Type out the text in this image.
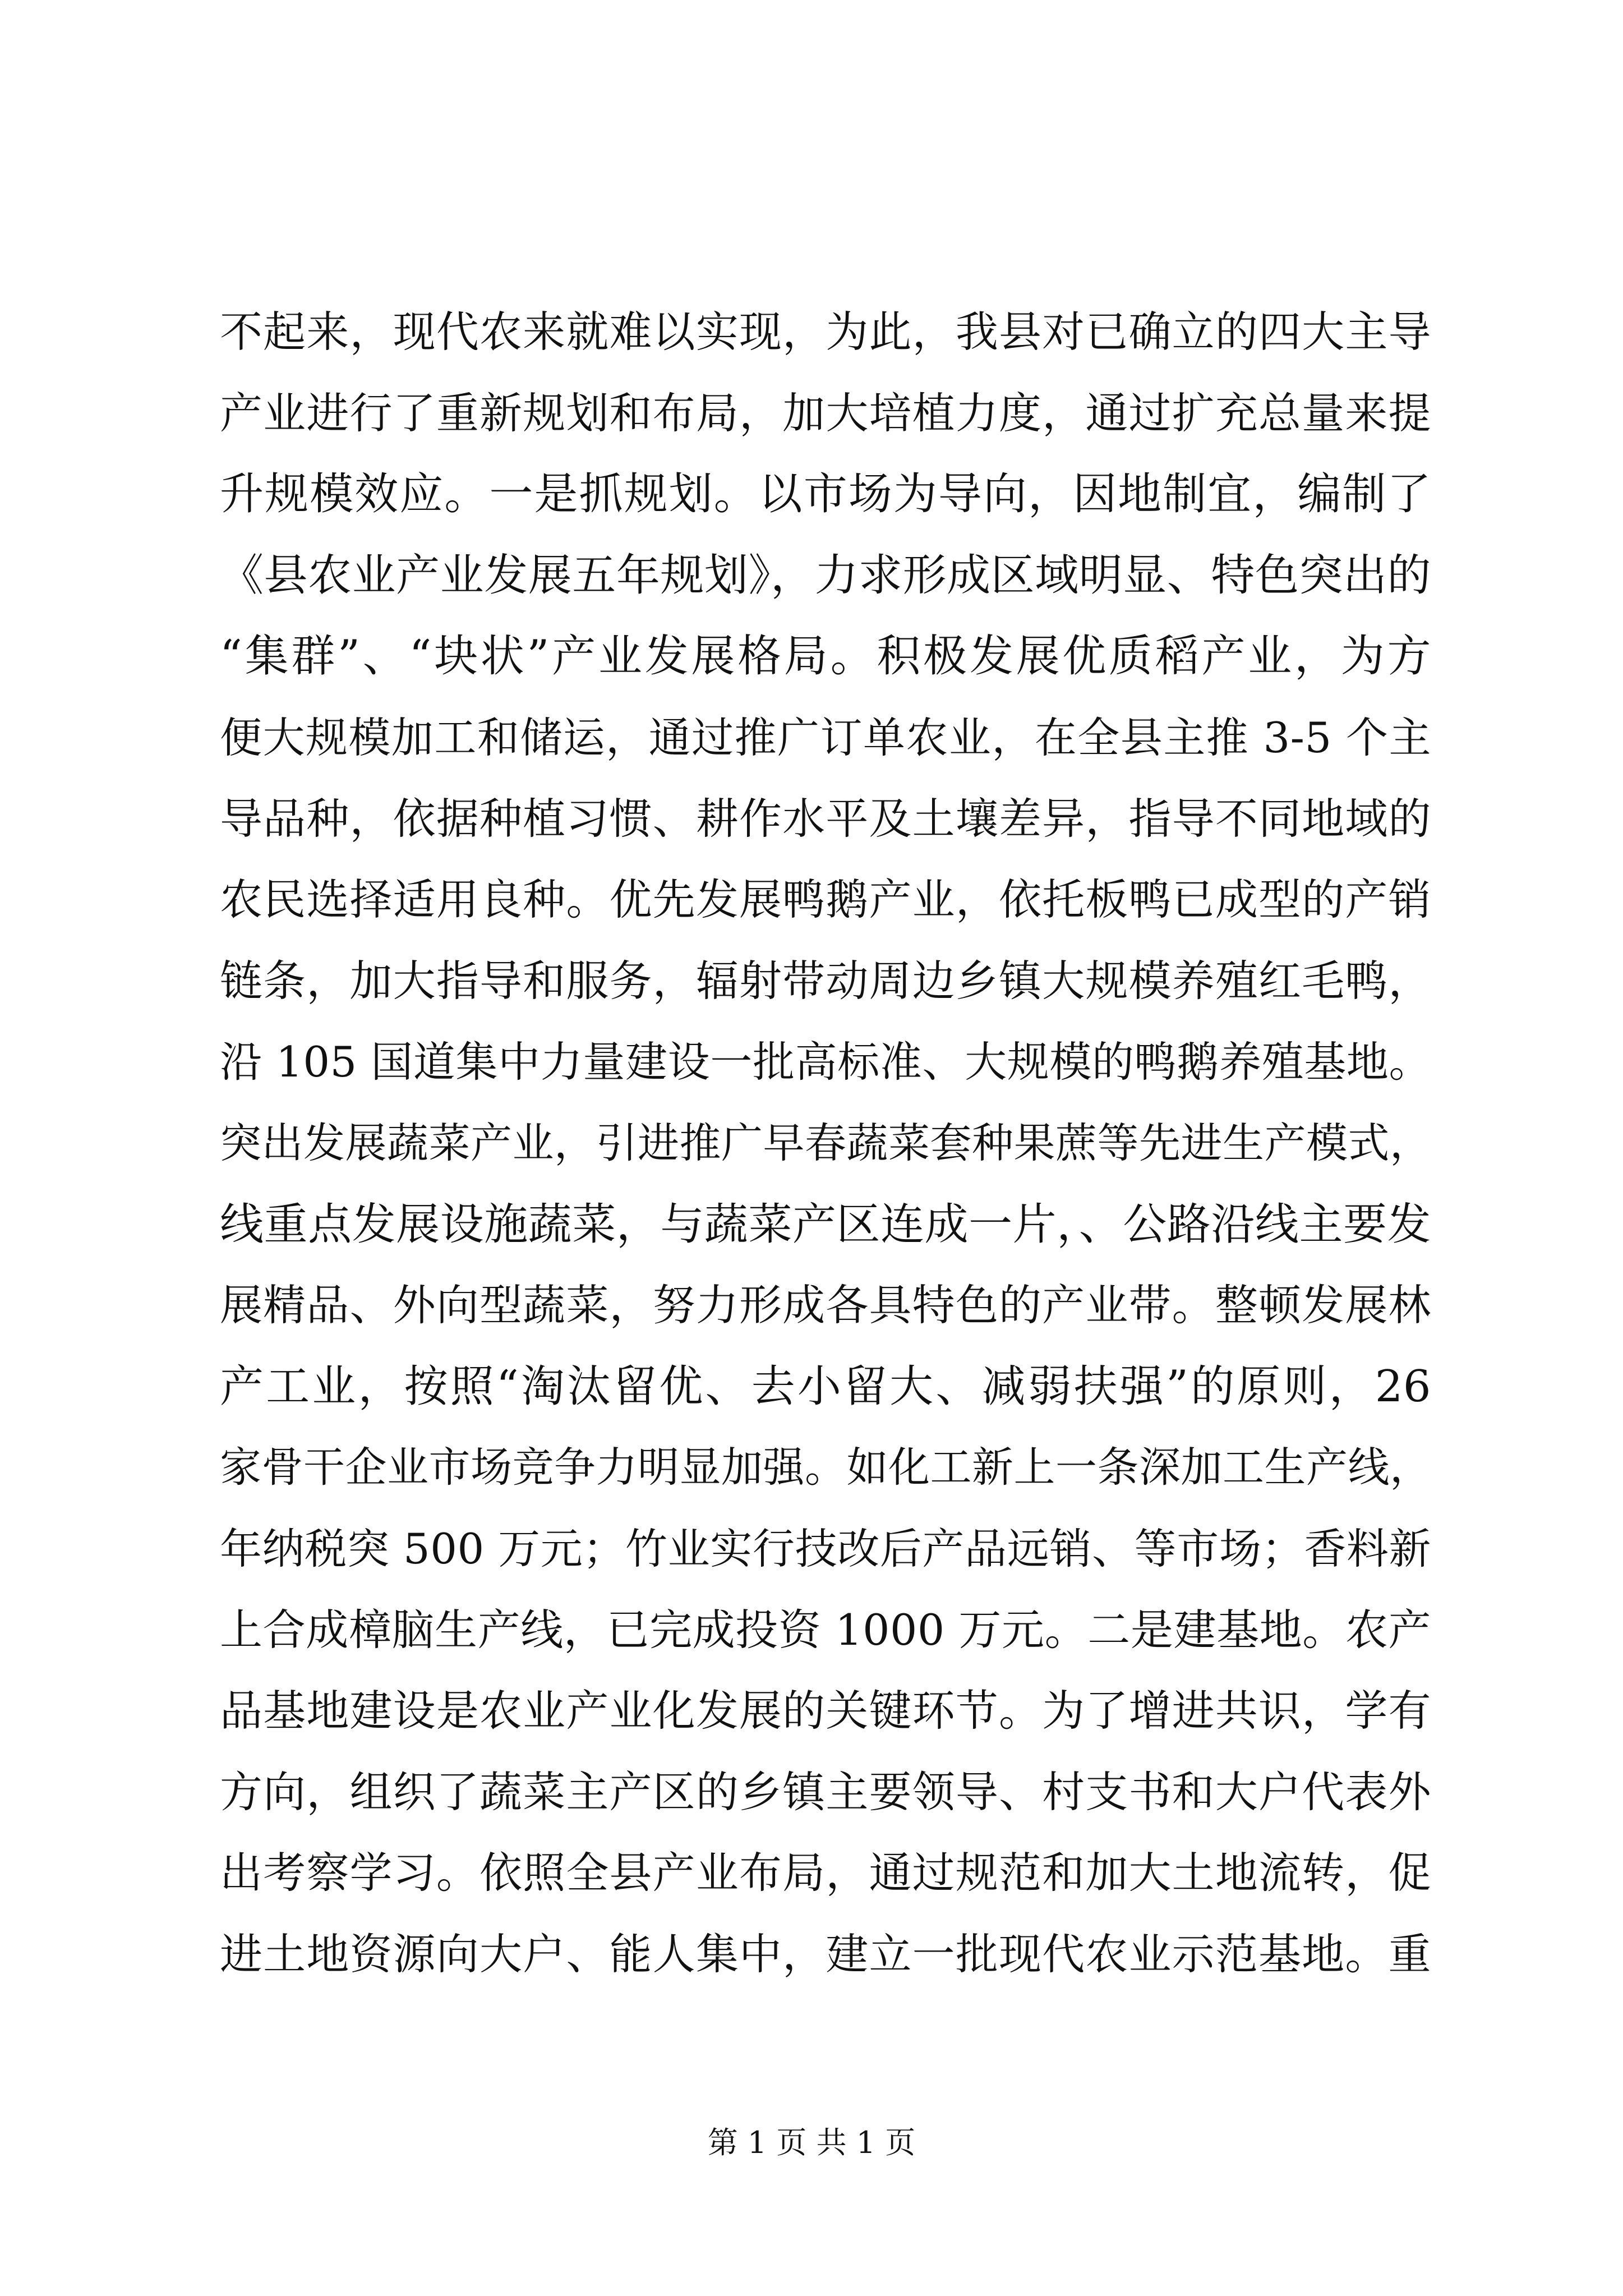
不起来，现代农来就难以实现，为此，我县对已确立的四大主导
产业进行了重新规划和布局，加大培植力度，通过扩充总量来提
升规模效应。一是抓规划。以市场为导向，因地制宜，编制了
《县农业产业发展五年规划》，力求形成区域明显、特色突出的
“集群”、“块状”产业发展格局。积极发展优质稻产业，为方
便大规模加工和储运，通过推广订单农业，在全县主推 3-5 个主
导品种，依据种植习惯、耕作水平及土壤差异，指导不同地域的
农民选择适用良种。优先发展鸭鹅产业，依托板鸭已成型的产销
链条，加大指导和服务，辐射带动周边乡镇大规模养殖红毛鸭，
沿 105 国道集中力量建设一批高标准、大规模的鸭鹅养殖基地。
突出发展蔬菜产业，引进推广早春蔬菜套种果蔗等先进生产模式，
线重点发展设施蔬菜，与蔬菜产区连成一片，、公路沿线主要发
展精品、外向型蔬菜，努力形成各具特色的产业带。整顿发展林
产工业，按照“淘汰留优、去小留大、减弱扶强”的原则，26
家骨干企业市场竞争力明显加强。如化工新上一条深加工生产线，
年纳税突 500 万元；竹业实行技改后产品远销、等市场；香料新
上合成樟脑生产线，已完成投资 1000 万元。二是建基地。农产
品基地建设是农业产业化发展的关键环节。为了增进共识，学有
方向，组织了蔬菜主产区的乡镇主要领导、村支书和大户代表外
出考察学习。依照全县产业布局，通过规范和加大土地流转，促
进土地资源向大户、能人集中，建立一批现代农业示范基地。重
第 1 页 共 1 页
